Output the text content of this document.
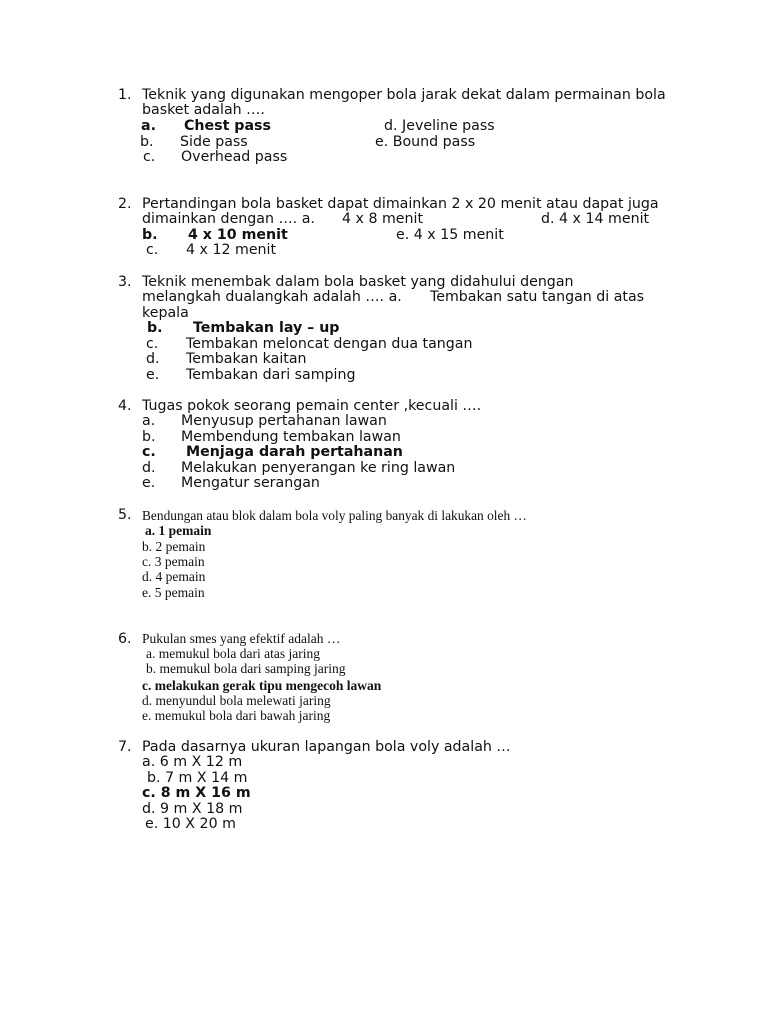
1. Teknik yang digunakan mengoper bola jarak dekat dalam permainan bola
basket adalah ….
a. Chest pass	d. Jeveline pass
b. Side pass	e. Bound pass
c. Overhead pass
2. Pertandingan bola basket dapat dimainkan 2 x 20 menit atau dapat juga
dimainkan dengan …. a. 4 x 8 menit	d. 4 x 14 menit
b. 4 x 10 menit	e. 4 x 15 menit
c. 4 x 12 menit
3. Teknik menembak dalam bola basket yang didahului dengan
melangkah dualangkah adalah …. a. Tembakan satu tangan di atas
kepala
b. Tembakan lay – up
c. Tembakan meloncat dengan dua tangan
d. Tembakan kaitan
e. Tembakan dari samping
4. Tugas pokok seorang pemain center ,kecuali ….
a. Menyusup pertahanan lawan
b. Membendung tembakan lawan
c. Menjaga darah pertahanan
d. Melakukan penyerangan ke ring lawan
e. Mengatur serangan
5. Bendungan atau blok dalam bola voly paling banyak di lakukan oleh …
a. 1 pemain
b. 2 pemain
c. 3 pemain
d. 4 pemain
e. 5 pemain
6. Pukulan smes yang efektif adalah …
a. memukul bola dari atas jaring
b. memukul bola dari samping jaring
c. melakukan gerak tipu mengecoh lawan
d. menyundul bola melewati jaring
e. memukul bola dari bawah jaring
7. Pada dasarnya ukuran lapangan bola voly adalah …
a. 6 m X 12 m
b. 7 m X 14 m
c. 8 m X 16 m
d. 9 m X 18 m
e. 10 X 20 m
